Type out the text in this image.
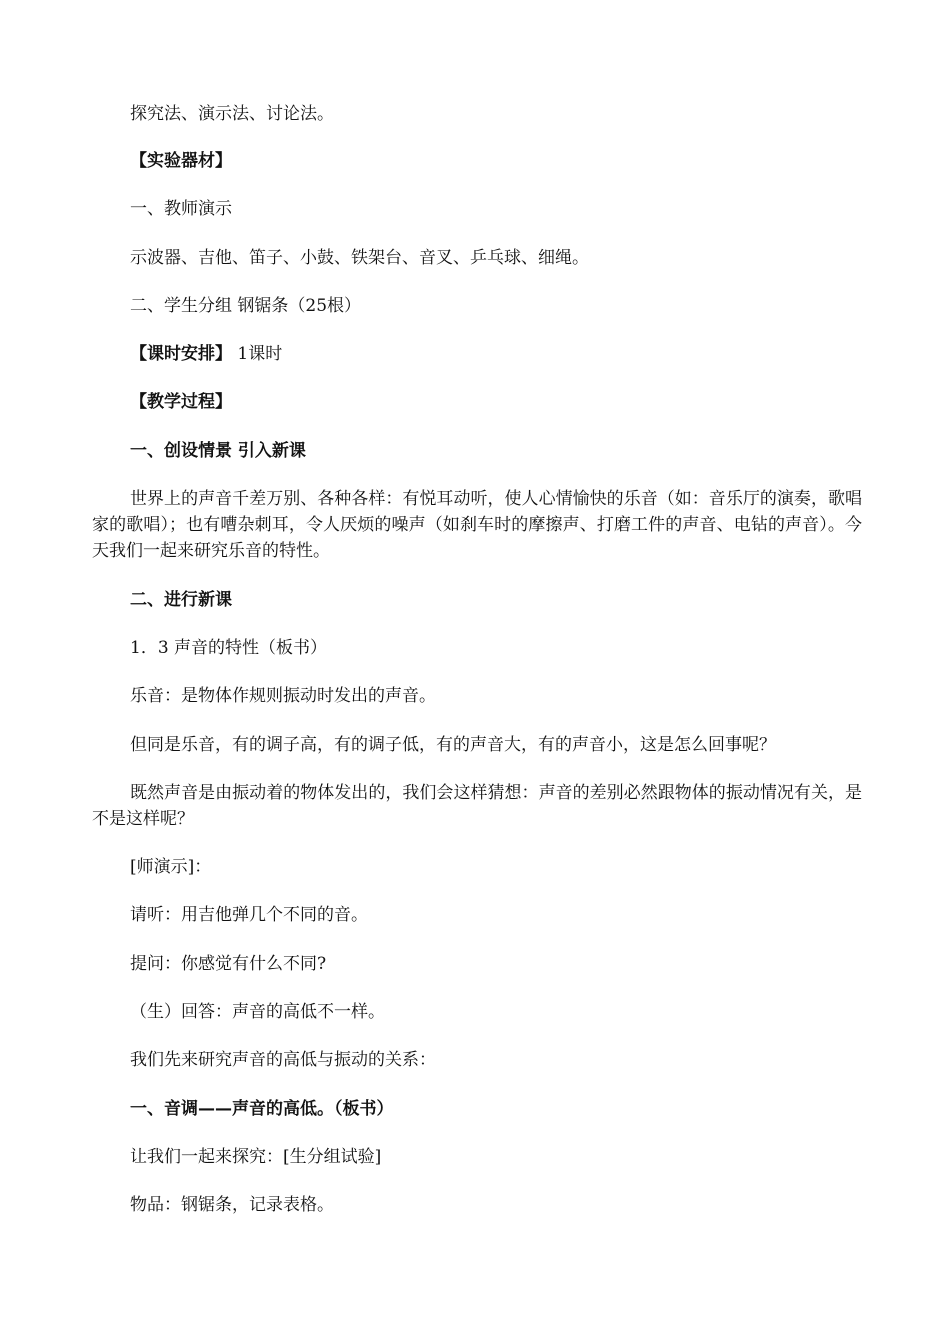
探究法、演示法、讨论法。
【实验器材】
一、教师演示
示波器、吉他、笛子、小鼓、铁架台、音叉、乒乓球、细绳。
二、学生分组 钢锯条（25根）
【课时安排】 1课时
【教学过程】
一、创设情景 引入新课
世界上的声音千差万别、各种各样：有悦耳动听，使人心情愉快的乐音（如：音乐厅的演奏，歌唱家的歌唱）；也有嘈杂刺耳，令人厌烦的噪声（如刹车时的摩擦声、打磨工件的声音、电钻的声音）。今天我们一起来研究乐音的特性。
二、进行新课
1．3 声音的特性（板书）
乐音：是物体作规则振动时发出的声音。
但同是乐音，有的调子高，有的调子低，有的声音大，有的声音小，这是怎么回事呢？
既然声音是由振动着的物体发出的，我们会这样猜想：声音的差别必然跟物体的振动情况有关，是不是这样呢？
[师演示]：
请听：用吉他弹几个不同的音。
提问：你感觉有什么不同?
（生）回答：声音的高低不一样。
我们先来研究声音的高低与振动的关系：
一、音调——声音的高低。（板书）
让我们一起来探究：[生分组试验]
物品：钢锯条，记录表格。
